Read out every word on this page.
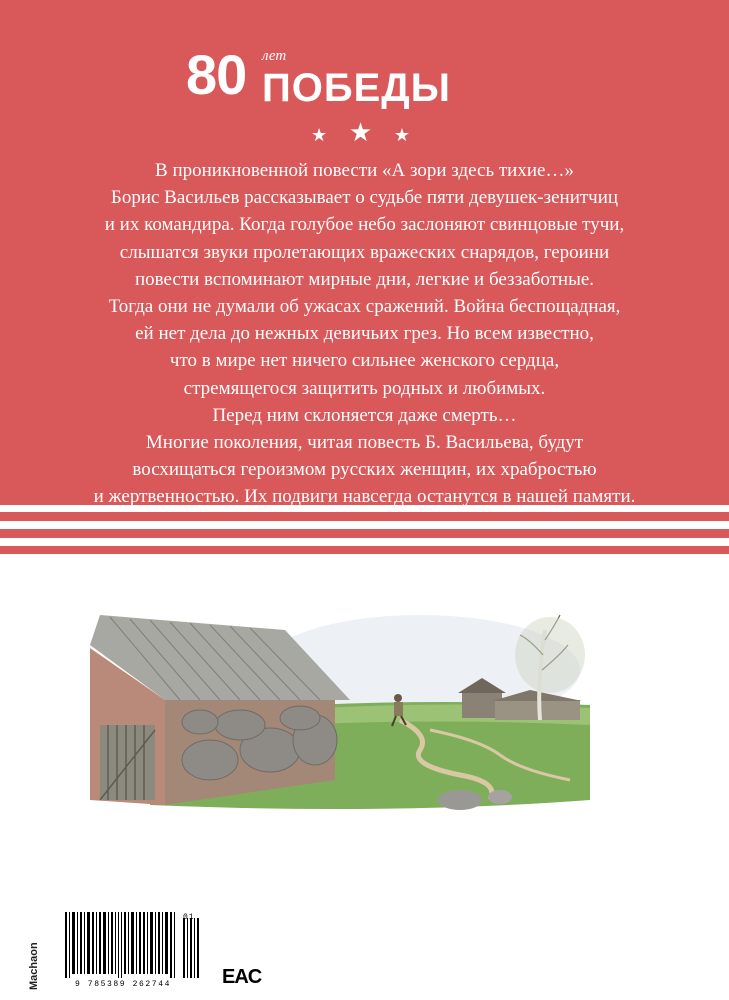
80 лет
ПОБЕДЫ
★ ★ ★

В проникновенной повести «А зори здесь тихие…»

Борис Васильев рассказывает о судьбе пяти девушек-зенитчиц

и их командира. Когда голубое небо заслоняют свинцовые тучи,

слышатся звуки пролетающих вражеских снарядов, героини

повести вспоминают мирные дни, легкие и беззаботные.

Тогда они не думали об ужасах сражений. Война беспощадная,

ей нет дела до нежных девичьих грез. Но всем известно,

что в мире нет ничего сильнее женского сердца,

стремящегося защитить родных и любимых.

Перед ним склоняется даже смерть…

Многие поколения, читая повесть Б. Васильева, будут

восхищаться героизмом русских женщин, их храбростью

и жертвенностью. Их подвиги навсегда останутся в нашей памяти.

Machaon	9 785389 262744
01
EAC
